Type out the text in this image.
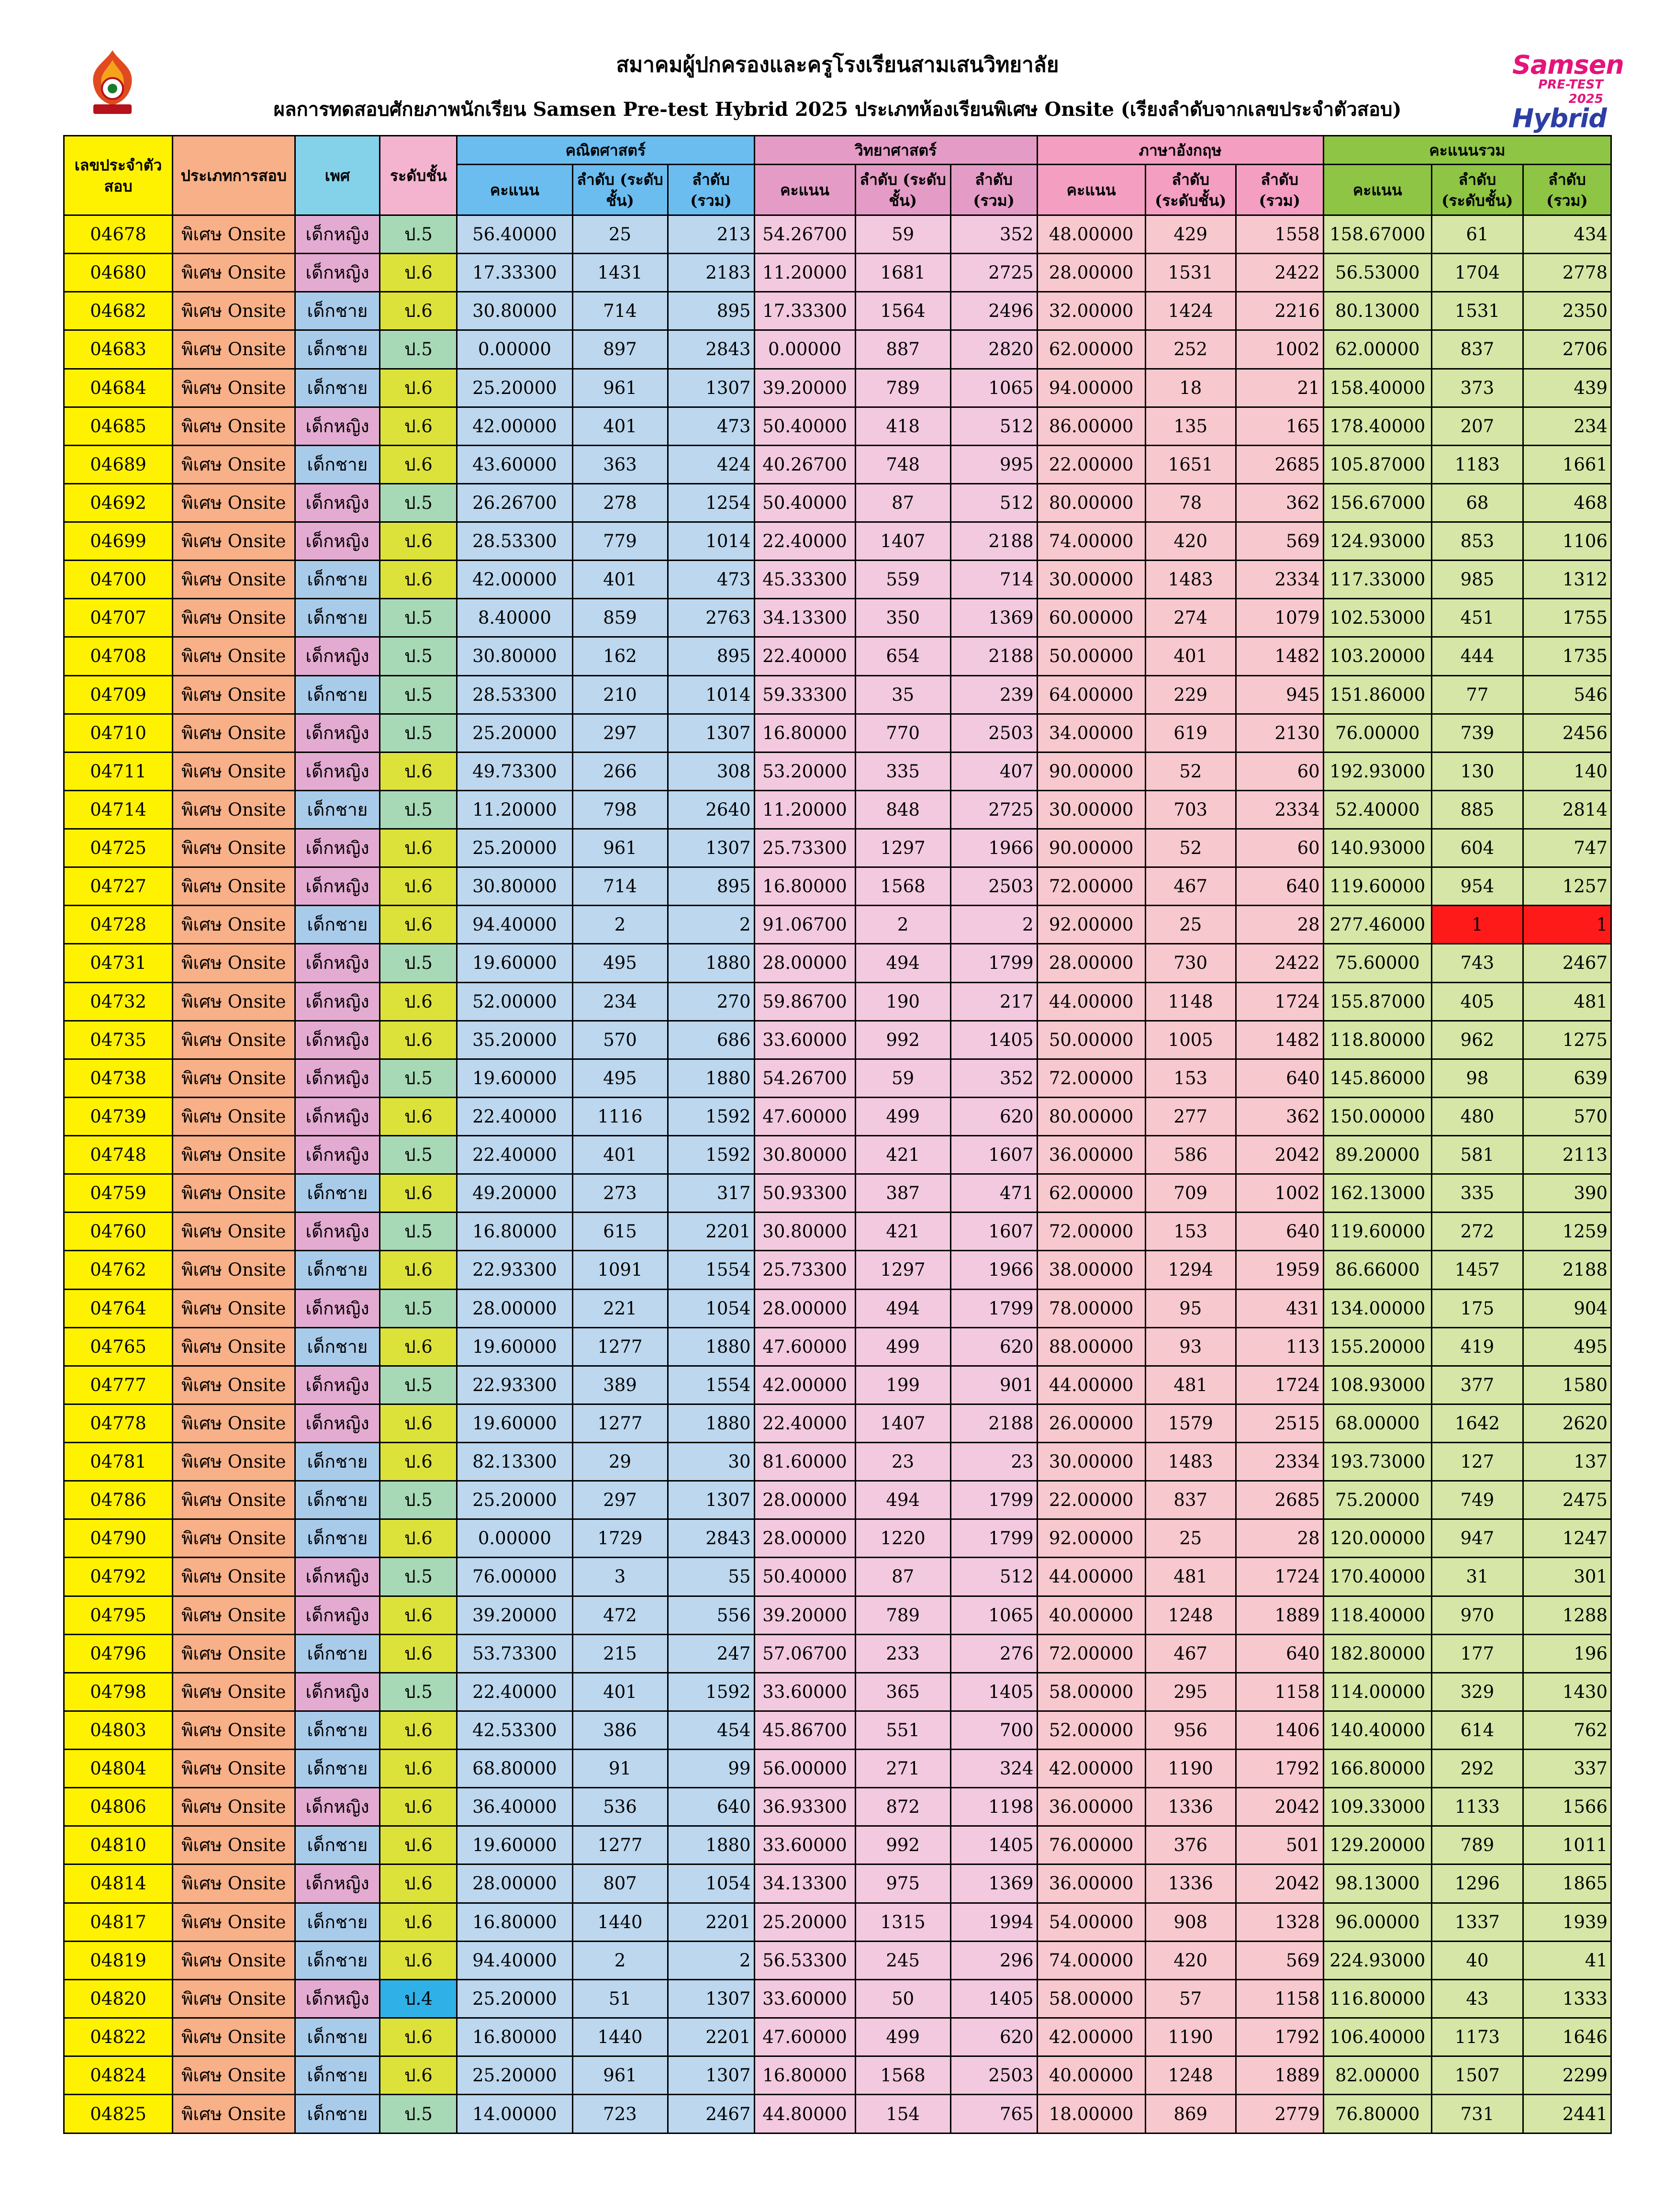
Samsen
PRE-TEST 2025
Hybrid
สมาคมผู้ปกครองและครูโรงเรียนสามเสนวิทยาลัย
ผลการทดสอบศักยภาพนักเรียน Samsen Pre-test Hybrid 2025 ประเภทห้องเรียนพิเศษ Onsite (เรียงลำดับจากเลขประจำตัวสอบ)
เลขประจำตัวสอบ	ประเภทการสอบ	เพศ	ระดับชั้น	คณิตศาสตร์			วิทยาศาสตร์			ภาษาอังกฤษ			คะแนนรวม		
				คะแนน	ลำดับ (ระดับชั้น)	ลำดับ (รวม)	คะแนน	ลำดับ (ระดับชั้น)	ลำดับ (รวม)	คะแนน	ลำดับ (ระดับชั้น)	ลำดับ (รวม)	คะแนน	ลำดับ (ระดับชั้น)	ลำดับ (รวม)
04678	พิเศษ Onsite	เด็กหญิง	ป.5	56.40000	25	213	54.26700	59	352	48.00000	429	1558	158.67000	61	434
04680	พิเศษ Onsite	เด็กหญิง	ป.6	17.33300	1431	2183	11.20000	1681	2725	28.00000	1531	2422	56.53000	1704	2778
04682	พิเศษ Onsite	เด็กชาย	ป.6	30.80000	714	895	17.33300	1564	2496	32.00000	1424	2216	80.13000	1531	2350
04683	พิเศษ Onsite	เด็กชาย	ป.5	0.00000	897	2843	0.00000	887	2820	62.00000	252	1002	62.00000	837	2706
04684	พิเศษ Onsite	เด็กชาย	ป.6	25.20000	961	1307	39.20000	789	1065	94.00000	18	21	158.40000	373	439
04685	พิเศษ Onsite	เด็กหญิง	ป.6	42.00000	401	473	50.40000	418	512	86.00000	135	165	178.40000	207	234
04689	พิเศษ Onsite	เด็กชาย	ป.6	43.60000	363	424	40.26700	748	995	22.00000	1651	2685	105.87000	1183	1661
04692	พิเศษ Onsite	เด็กหญิง	ป.5	26.26700	278	1254	50.40000	87	512	80.00000	78	362	156.67000	68	468
04699	พิเศษ Onsite	เด็กหญิง	ป.6	28.53300	779	1014	22.40000	1407	2188	74.00000	420	569	124.93000	853	1106
04700	พิเศษ Onsite	เด็กชาย	ป.6	42.00000	401	473	45.33300	559	714	30.00000	1483	2334	117.33000	985	1312
04707	พิเศษ Onsite	เด็กชาย	ป.5	8.40000	859	2763	34.13300	350	1369	60.00000	274	1079	102.53000	451	1755
04708	พิเศษ Onsite	เด็กหญิง	ป.5	30.80000	162	895	22.40000	654	2188	50.00000	401	1482	103.20000	444	1735
04709	พิเศษ Onsite	เด็กชาย	ป.5	28.53300	210	1014	59.33300	35	239	64.00000	229	945	151.86000	77	546
04710	พิเศษ Onsite	เด็กหญิง	ป.5	25.20000	297	1307	16.80000	770	2503	34.00000	619	2130	76.00000	739	2456
04711	พิเศษ Onsite	เด็กหญิง	ป.6	49.73300	266	308	53.20000	335	407	90.00000	52	60	192.93000	130	140
04714	พิเศษ Onsite	เด็กชาย	ป.5	11.20000	798	2640	11.20000	848	2725	30.00000	703	2334	52.40000	885	2814
04725	พิเศษ Onsite	เด็กหญิง	ป.6	25.20000	961	1307	25.73300	1297	1966	90.00000	52	60	140.93000	604	747
04727	พิเศษ Onsite	เด็กหญิง	ป.6	30.80000	714	895	16.80000	1568	2503	72.00000	467	640	119.60000	954	1257
04728	พิเศษ Onsite	เด็กชาย	ป.6	94.40000	2	2	91.06700	2	2	92.00000	25	28	277.46000	1	1
04731	พิเศษ Onsite	เด็กหญิง	ป.5	19.60000	495	1880	28.00000	494	1799	28.00000	730	2422	75.60000	743	2467
04732	พิเศษ Onsite	เด็กหญิง	ป.6	52.00000	234	270	59.86700	190	217	44.00000	1148	1724	155.87000	405	481
04735	พิเศษ Onsite	เด็กหญิง	ป.6	35.20000	570	686	33.60000	992	1405	50.00000	1005	1482	118.80000	962	1275
04738	พิเศษ Onsite	เด็กหญิง	ป.5	19.60000	495	1880	54.26700	59	352	72.00000	153	640	145.86000	98	639
04739	พิเศษ Onsite	เด็กหญิง	ป.6	22.40000	1116	1592	47.60000	499	620	80.00000	277	362	150.00000	480	570
04748	พิเศษ Onsite	เด็กหญิง	ป.5	22.40000	401	1592	30.80000	421	1607	36.00000	586	2042	89.20000	581	2113
04759	พิเศษ Onsite	เด็กชาย	ป.6	49.20000	273	317	50.93300	387	471	62.00000	709	1002	162.13000	335	390
04760	พิเศษ Onsite	เด็กหญิง	ป.5	16.80000	615	2201	30.80000	421	1607	72.00000	153	640	119.60000	272	1259
04762	พิเศษ Onsite	เด็กชาย	ป.6	22.93300	1091	1554	25.73300	1297	1966	38.00000	1294	1959	86.66000	1457	2188
04764	พิเศษ Onsite	เด็กหญิง	ป.5	28.00000	221	1054	28.00000	494	1799	78.00000	95	431	134.00000	175	904
04765	พิเศษ Onsite	เด็กชาย	ป.6	19.60000	1277	1880	47.60000	499	620	88.00000	93	113	155.20000	419	495
04777	พิเศษ Onsite	เด็กหญิง	ป.5	22.93300	389	1554	42.00000	199	901	44.00000	481	1724	108.93000	377	1580
04778	พิเศษ Onsite	เด็กหญิง	ป.6	19.60000	1277	1880	22.40000	1407	2188	26.00000	1579	2515	68.00000	1642	2620
04781	พิเศษ Onsite	เด็กชาย	ป.6	82.13300	29	30	81.60000	23	23	30.00000	1483	2334	193.73000	127	137
04786	พิเศษ Onsite	เด็กชาย	ป.5	25.20000	297	1307	28.00000	494	1799	22.00000	837	2685	75.20000	749	2475
04790	พิเศษ Onsite	เด็กชาย	ป.6	0.00000	1729	2843	28.00000	1220	1799	92.00000	25	28	120.00000	947	1247
04792	พิเศษ Onsite	เด็กหญิง	ป.5	76.00000	3	55	50.40000	87	512	44.00000	481	1724	170.40000	31	301
04795	พิเศษ Onsite	เด็กหญิง	ป.6	39.20000	472	556	39.20000	789	1065	40.00000	1248	1889	118.40000	970	1288
04796	พิเศษ Onsite	เด็กชาย	ป.6	53.73300	215	247	57.06700	233	276	72.00000	467	640	182.80000	177	196
04798	พิเศษ Onsite	เด็กหญิง	ป.5	22.40000	401	1592	33.60000	365	1405	58.00000	295	1158	114.00000	329	1430
04803	พิเศษ Onsite	เด็กชาย	ป.6	42.53300	386	454	45.86700	551	700	52.00000	956	1406	140.40000	614	762
04804	พิเศษ Onsite	เด็กชาย	ป.6	68.80000	91	99	56.00000	271	324	42.00000	1190	1792	166.80000	292	337
04806	พิเศษ Onsite	เด็กหญิง	ป.6	36.40000	536	640	36.93300	872	1198	36.00000	1336	2042	109.33000	1133	1566
04810	พิเศษ Onsite	เด็กชาย	ป.6	19.60000	1277	1880	33.60000	992	1405	76.00000	376	501	129.20000	789	1011
04814	พิเศษ Onsite	เด็กหญิง	ป.6	28.00000	807	1054	34.13300	975	1369	36.00000	1336	2042	98.13000	1296	1865
04817	พิเศษ Onsite	เด็กชาย	ป.6	16.80000	1440	2201	25.20000	1315	1994	54.00000	908	1328	96.00000	1337	1939
04819	พิเศษ Onsite	เด็กชาย	ป.6	94.40000	2	2	56.53300	245	296	74.00000	420	569	224.93000	40	41
04820	พิเศษ Onsite	เด็กหญิง	ป.4	25.20000	51	1307	33.60000	50	1405	58.00000	57	1158	116.80000	43	1333
04822	พิเศษ Onsite	เด็กชาย	ป.6	16.80000	1440	2201	47.60000	499	620	42.00000	1190	1792	106.40000	1173	1646
04824	พิเศษ Onsite	เด็กชาย	ป.6	25.20000	961	1307	16.80000	1568	2503	40.00000	1248	1889	82.00000	1507	2299
04825	พิเศษ Onsite	เด็กชาย	ป.5	14.00000	723	2467	44.80000	154	765	18.00000	869	2779	76.80000	731	2441
